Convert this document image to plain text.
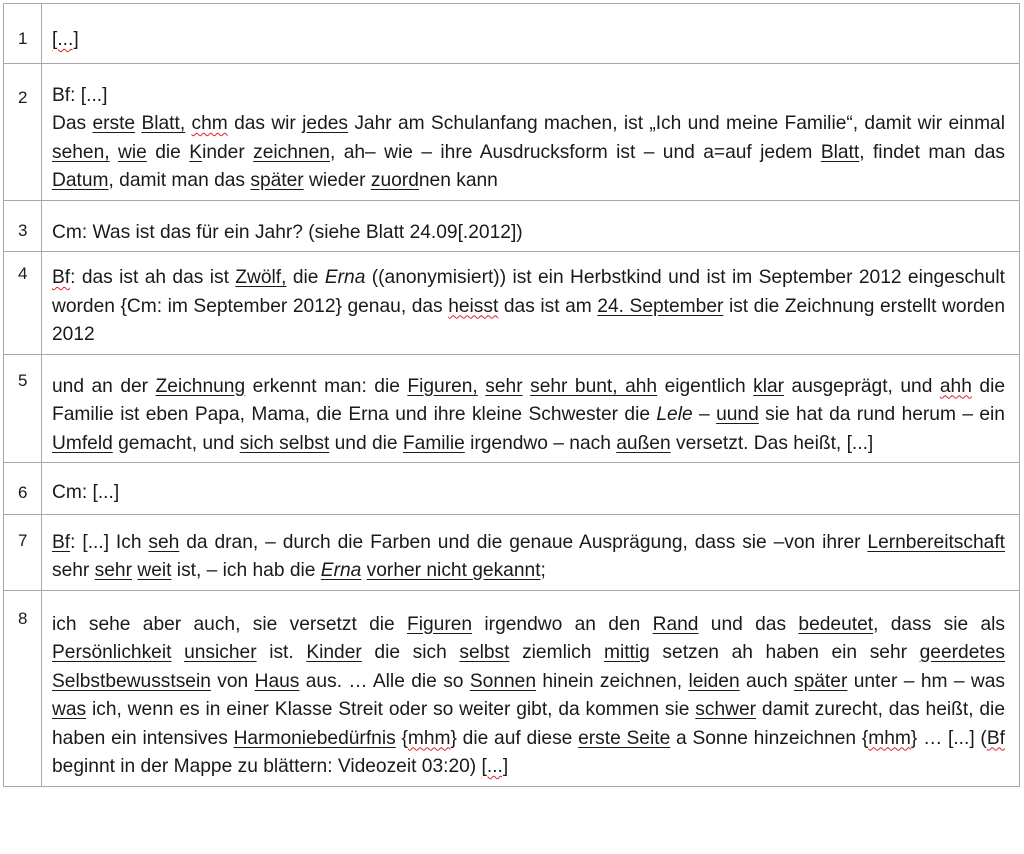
1	[...]
2	Bf: [...]
Das erste Blatt, chm das wir jedes Jahr am Schulanfang machen, ist „Ich und meine Familie“, damit wir einmal sehen, wie die Kinder zeichnen, ah– wie – ihre Ausdrucksform ist – und a=auf jedem Blatt, findet man das Datum, damit man das später wieder zuordnen kann
3	Cm: Was ist das für ein Jahr? (siehe Blatt 24.09[.2012])
4	Bf: das ist ah das ist Zwölf, die Erna ((anonymisiert)) ist ein Herbstkind und ist im September 2012 eingeschult worden {Cm: im September 2012} genau, das heisst das ist am 24. September ist die Zeichnung erstellt worden 2012
5	und an der Zeichnung erkennt man: die Figuren, sehr sehr bunt, ahh eigentlich klar ausgeprägt, und ahh die Familie ist eben Papa, Mama, die Erna und ihre kleine Schwester die Lele – uund sie hat da rund herum – ein Umfeld gemacht, und sich selbst und die Familie irgendwo – nach außen versetzt. Das heißt, [...]
6	Cm: [...]
7	Bf: [...] Ich seh da dran, – durch die Farben und die genaue Ausprägung, dass sie –von ihrer Lernbereitschaft sehr sehr weit ist, – ich hab die Erna vorher nicht gekannt;
8	ich sehe aber auch, sie versetzt die Figuren irgendwo an den Rand und das bedeutet, dass sie als Persönlichkeit unsicher ist. Kinder die sich selbst ziemlich mittig setzen ah haben ein sehr geerdetes Selbstbewusstsein von Haus aus. … Alle die so Sonnen hinein zeichnen, leiden auch später unter – hm – was was ich, wenn es in einer Klasse Streit oder so weiter gibt, da kommen sie schwer damit zurecht, das heißt, die haben ein intensives Harmoniebedürfnis {mhm} die auf diese erste Seite a Sonne hinzeichnen {mhm} … [...] (Bf beginnt in der Mappe zu blättern: Videozeit 03:20) [...]
